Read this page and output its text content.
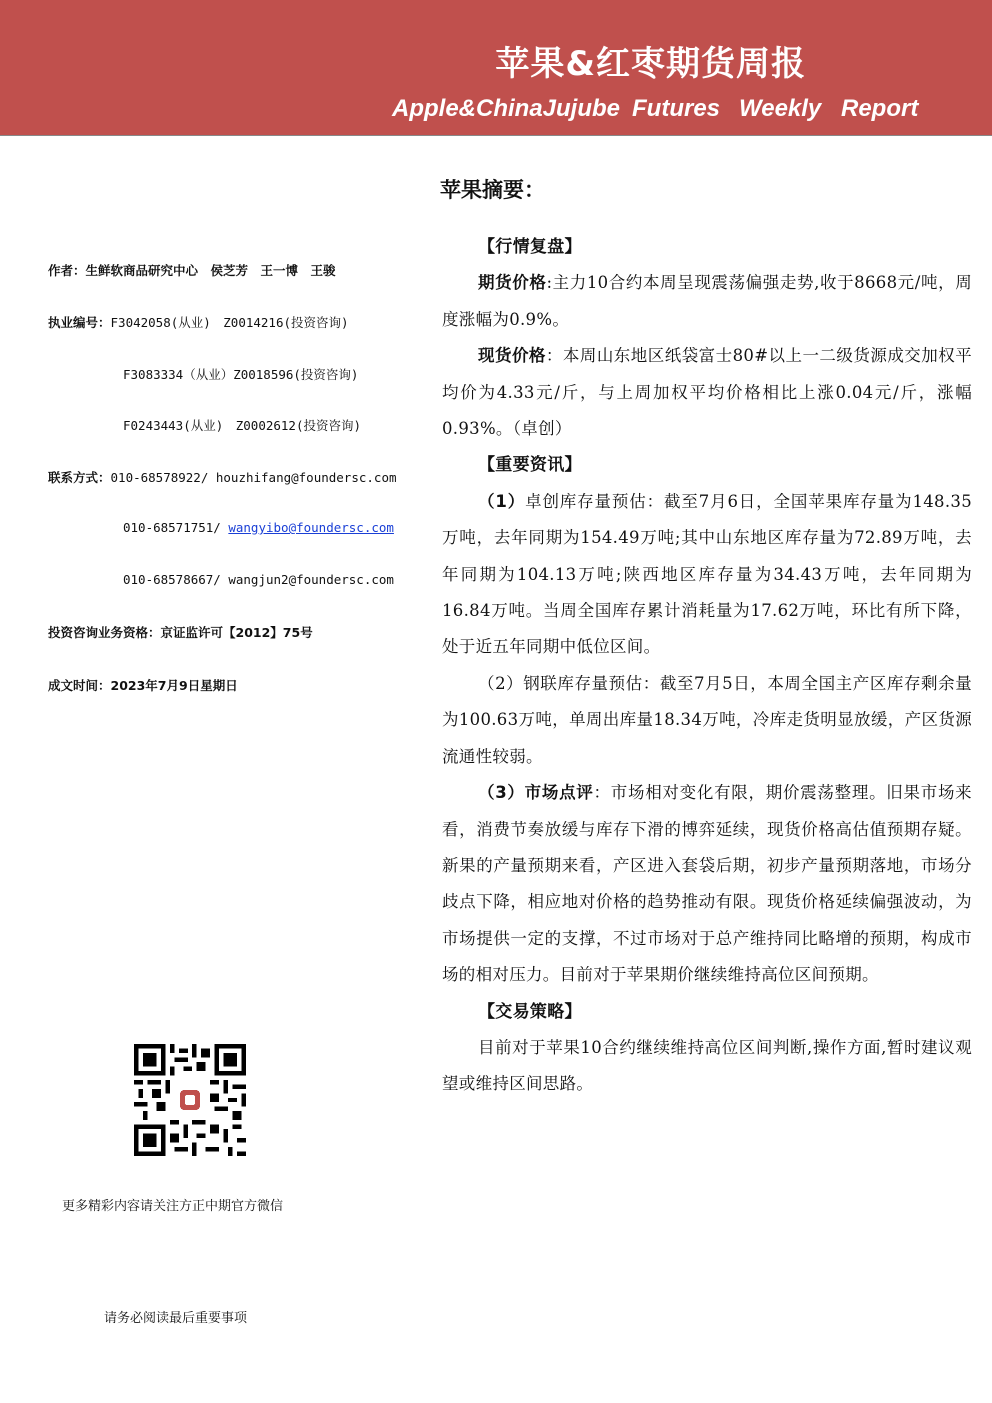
苹果&红枣期货周报
Apple& ChinaJujube Futures Weekly Report
作者：生鲜软商品研究中心　侯芝芳　王一博　王骏
执业编号：F3042058(从业)　Z0014216(投资咨询)
F3083334（从业）Z0018596(投资咨询)
F0243443(从业)　Z0002612(投资咨询)
联系方式：010-68578922/ houzhifang@foundersc.com
010-68571751/ wangyibo@foundersc.com
010-68578667/ wangjun2@foundersc.com
投资咨询业务资格：京证监许可【2012】75号
成文时间：2023年7月9日星期日
更多精彩内容请关注方正中期官方微信
请务必阅读最后重要事项
苹果摘要：

【行情复盘】

期货价格:主力10合约本周呈现震荡偏强走势,收于8668元/吨，周度涨幅为0.9%。

现货价格：本周山东地区纸袋富士80#以上一二级货源成交加权平均价为4.33元/斤，与上周加权平均价格相比上涨0.04元/斤，涨幅0.93%。（卓创）

【重要资讯】

（1）卓创库存量预估：截至7月6日，全国苹果库存量为148.35万吨，去年同期为154.49万吨;其中山东地区库存量为72.89万吨，去年同期为104.13万吨;陕西地区库存量为34.43万吨，去年同期为16.84万吨。当周全国库存累计消耗量为17.62万吨，环比有所下降，处于近五年同期中低位区间。

（2）钢联库存量预估：截至7月5日，本周全国主产区库存剩余量为100.63万吨，单周出库量18.34万吨，冷库走货明显放缓，产区货源流通性较弱。

（3）市场点评：市场相对变化有限，期价震荡整理。旧果市场来看，消费节奏放缓与库存下滑的博弈延续，现货价格高估值预期存疑。新果的产量预期来看，产区进入套袋后期，初步产量预期落地，市场分歧点下降，相应地对价格的趋势推动有限。现货价格延续偏强波动，为市场提供一定的支撑，不过市场对于总产维持同比略增的预期，构成市场的相对压力。目前对于苹果期价继续维持高位区间预期。

【交易策略】

目前对于苹果10合约继续维持高位区间判断,操作方面,暂时建议观望或维持区间思路。
